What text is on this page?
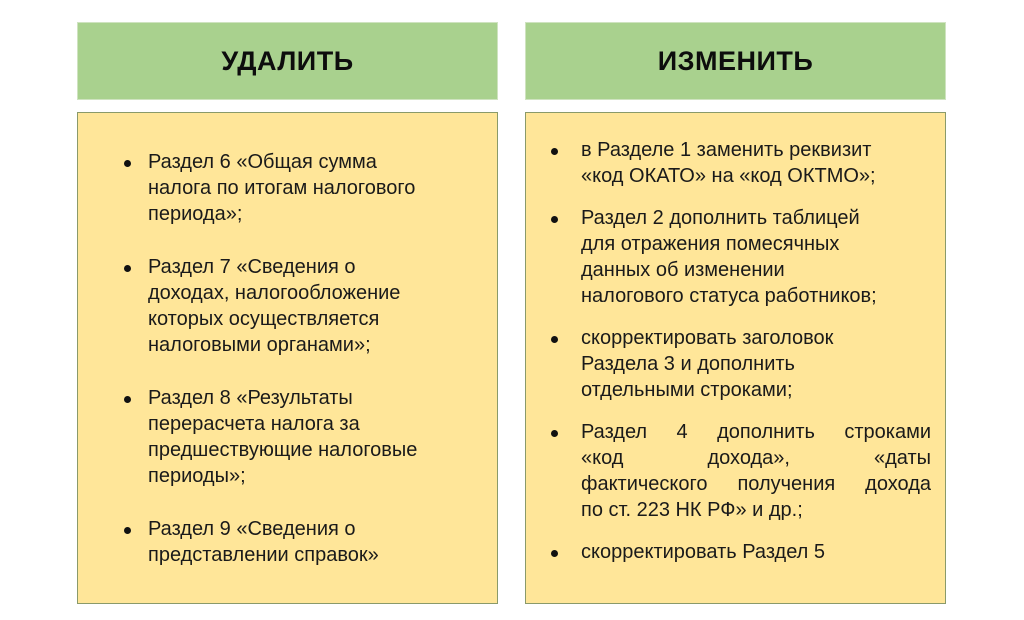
УДАЛИТЬ
Раздел 6 «Общая сумма
налога по итогам налогового
периода»;
Раздел 7 «Сведения о
доходах, налогообложение
которых осуществляется
налоговыми органами»;
Раздел 8 «Результаты
перерасчета налога за
предшествующие налоговые
периоды»;
Раздел 9 «Сведения о
представлении справок»
ИЗМЕНИТЬ
в Разделе 1 заменить реквизит
«код ОКАТО» на «код ОКТМО»;
Раздел 2 дополнить таблицей
для отражения помесячных
данных об изменении
налогового статуса работников;
скорректировать заголовок
Раздела 3 и дополнить
отдельными строками;
Раздел 4 дополнить строками
«код дохода», «даты
фактического получения дохода
по ст. 223 НК РФ» и др.;
скорректировать Раздел 5
